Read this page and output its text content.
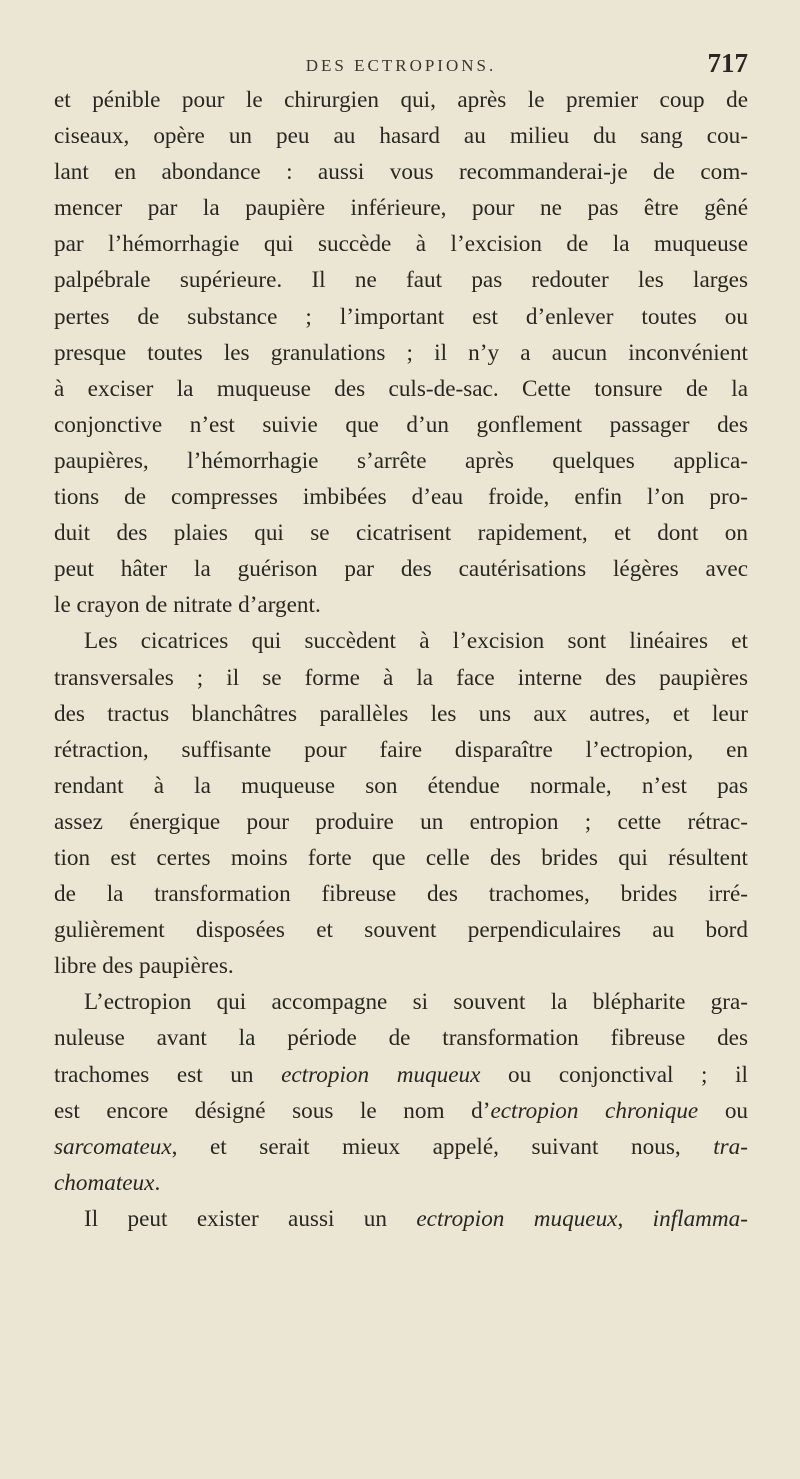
DES ECTROPIONS.	717

et pénible pour le chirurgien qui, après le premier coup de
ciseaux, opère un peu au hasard au milieu du sang cou-
lant en abondance : aussi vous recommanderai-je de com-
mencer par la paupière inférieure, pour ne pas être gêné
par l’hémorrhagie qui succède à l’excision de la muqueuse
palpébrale supérieure. Il ne faut pas redouter les larges
pertes de substance ; l’important est d’enlever toutes ou
presque toutes les granulations ; il n’y a aucun inconvénient
à exciser la muqueuse des culs-de-sac. Cette tonsure de la
conjonctive n’est suivie que d’un gonflement passager des
paupières, l’hémorrhagie s’arrête après quelques applica-
tions de compresses imbibées d’eau froide, enfin l’on pro-
duit des plaies qui se cicatrisent rapidement, et dont on
peut hâter la guérison par des cautérisations légères avec
le crayon de nitrate d’argent.

Les cicatrices qui succèdent à l’excision sont linéaires et
transversales ; il se forme à la face interne des paupières
des tractus blanchâtres parallèles les uns aux autres, et leur
rétraction, suffisante pour faire disparaître l’ectropion, en
rendant à la muqueuse son étendue normale, n’est pas
assez énergique pour produire un entropion ; cette rétrac-
tion est certes moins forte que celle des brides qui résultent
de la transformation fibreuse des trachomes, brides irré-
gulièrement disposées et souvent perpendiculaires au bord
libre des paupières.

L’ectropion qui accompagne si souvent la blépharite gra-
nuleuse avant la période de transformation fibreuse des
trachomes est un ectropion muqueux ou conjonctival ; il
est encore désigné sous le nom d’ectropion chronique ou
sarcomateux, et serait mieux appelé, suivant nous, tra-
chomateux.

Il peut exister aussi un ectropion muqueux, inflamma-
